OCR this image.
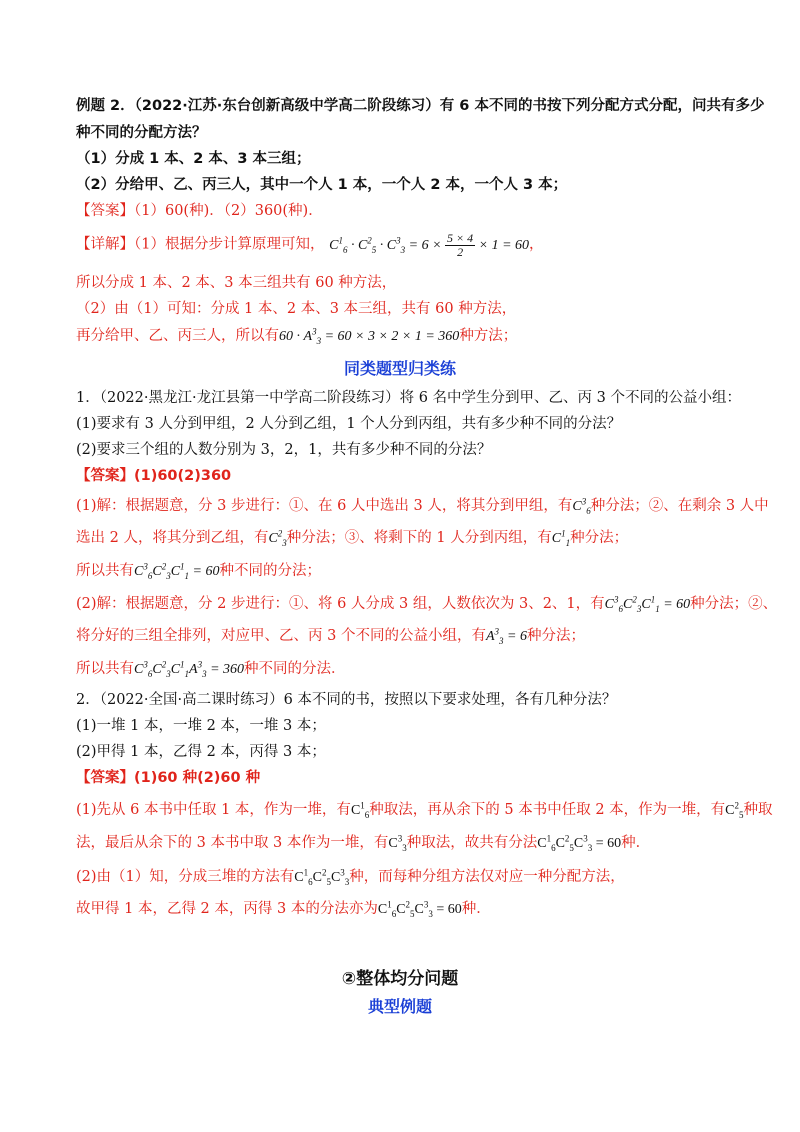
例题 2．（2022·江苏·东台创新高级中学高二阶段练习）有 6 本不同的书按下列分配方式分配，问共有多少
种不同的分配方法？
（1）分成 1 本、2 本、3 本三组；
（2）分给甲、乙、丙三人，其中一个人 1 本，一个人 2 本，一个人 3 本；
【答案】（1）60(种)．（2）360(种)．
【详解】（1）根据分步计算原理可知， $C^1_6 \cdot C^2_5 \cdot C^3_3 = 6 \times \frac{5 \times 4}{2} \times 1 = 60$，
所以分成 1 本、2 本、3 本三组共有 60 种方法，
（2）由（1）可知：分成 1 本、2 本、3 本三组，共有 60 种方法，
再分给甲、乙、丙三人，所以有$60 \cdot A^3_3 = 60 \times 3 \times 2 \times 1 = 360$种方法；
同类题型归类练
1．（2022·黑龙江·龙江县第一中学高二阶段练习）将 6 名中学生分到甲、乙、丙 3 个不同的公益小组：
(1)要求有 3 人分到甲组，2 人分到乙组，1 个人分到丙组，共有多少种不同的分法？
(2)要求三个组的人数分别为 3，2，1，共有多少种不同的分法？
【答案】(1)60(2)360
(1)解：根据题意，分 3 步进行：①、在 6 人中选出 3 人，将其分到甲组，有$C^3_6$种分法；②、在剩余 3 人中
选出 2 人，将其分到乙组，有$C^2_3$种分法；③、将剩下的 1 人分到丙组，有$C^1_1$种分法；
所以共有$C^3_6C^2_3C^1_1 = 60$种不同的分法；
(2)解：根据题意，分 2 步进行：①、将 6 人分成 3 组，人数依次为 3、2、1，有$C^3_6C^2_3C^1_1 = 60$种分法；②、
将分好的三组全排列，对应甲、乙、丙 3 个不同的公益小组，有$A^3_3 = 6$种分法；
所以共有$C^3_6C^2_3C^1_1A^3_3 = 360$种不同的分法．
2．（2022·全国·高二课时练习）6 本不同的书，按照以下要求处理，各有几种分法？
(1)一堆 1 本，一堆 2 本，一堆 3 本；
(2)甲得 1 本，乙得 2 本，丙得 3 本；
【答案】(1)60 种(2)60 种
(1)先从 6 本书中任取 1 本，作为一堆，有$C^1_6$种取法，再从余下的 5 本书中任取 2 本，作为一堆，有$C^2_5$种取
法，最后从余下的 3 本书中取 3 本作为一堆，有$C^3_3$种取法，故共有分法$C^1_6C^2_5C^3_3 = 60$种．
(2)由（1）知，分成三堆的方法有$C^1_6C^2_5C^3_3$种，而每种分组方法仅对应一种分配方法，
故甲得 1 本，乙得 2 本，丙得 3 本的分法亦为$C^1_6C^2_5C^3_3 = 60$种．
②整体均分问题
典型例题
